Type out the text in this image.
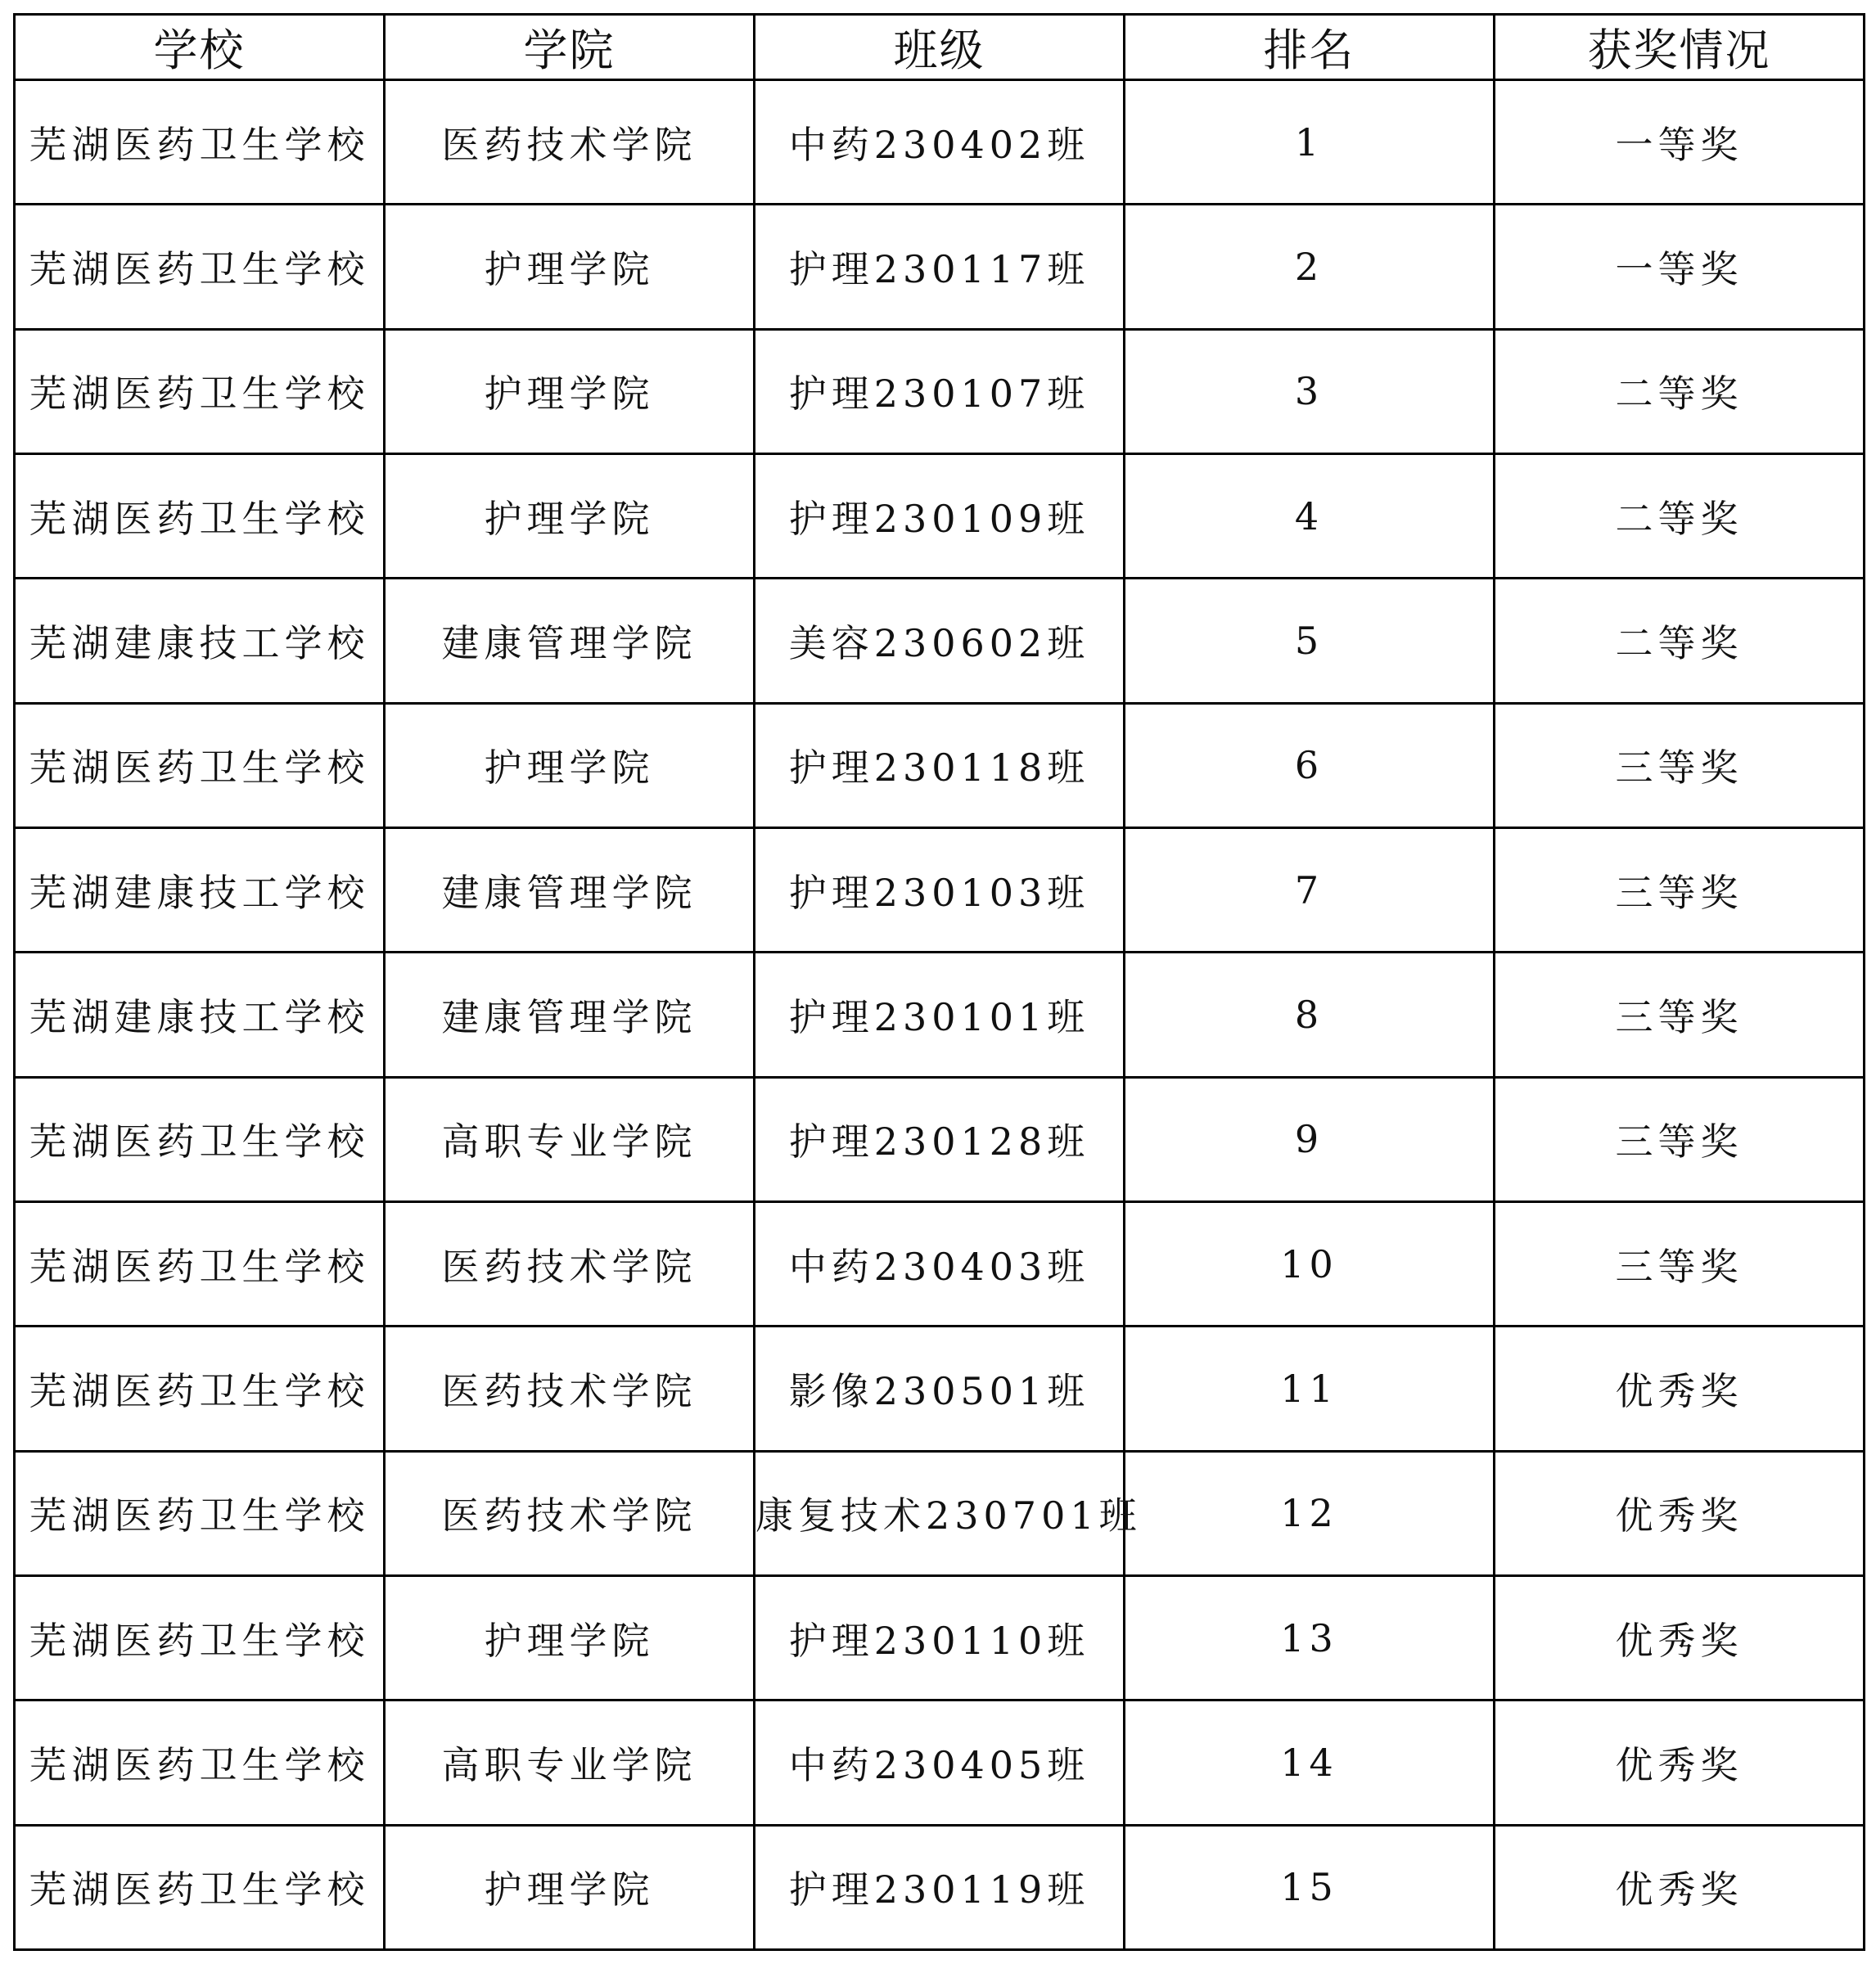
学校	学院	班级	排名	获奖情况
芜湖医药卫生学校	医药技术学院	中药230402班	1	一等奖
芜湖医药卫生学校	护理学院	护理230117班	2	一等奖
芜湖医药卫生学校	护理学院	护理230107班	3	二等奖
芜湖医药卫生学校	护理学院	护理230109班	4	二等奖
芜湖建康技工学校	建康管理学院	美容230602班	5	二等奖
芜湖医药卫生学校	护理学院	护理230118班	6	三等奖
芜湖建康技工学校	建康管理学院	护理230103班	7	三等奖
芜湖建康技工学校	建康管理学院	护理230101班	8	三等奖
芜湖医药卫生学校	高职专业学院	护理230128班	9	三等奖
芜湖医药卫生学校	医药技术学院	中药230403班	10	三等奖
芜湖医药卫生学校	医药技术学院	影像230501班	11	优秀奖
芜湖医药卫生学校	医药技术学院	康复技术230701班	12	优秀奖
芜湖医药卫生学校	护理学院	护理230110班	13	优秀奖
芜湖医药卫生学校	高职专业学院	中药230405班	14	优秀奖
芜湖医药卫生学校	护理学院	护理230119班	15	优秀奖
